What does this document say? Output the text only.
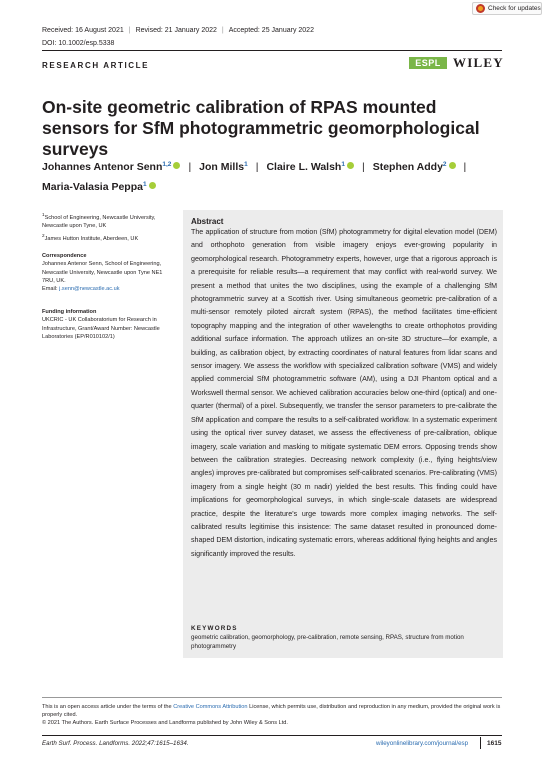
Received: 16 August 2021 | Revised: 21 January 2022 | Accepted: 25 January 2022
DOI: 10.1002/esp.5338
Check for updates
RESEARCH ARTICLE	ESPL WILEY
On-site geometric calibration of RPAS mounted sensors for SfM photogrammetric geomorphological surveys
Johannes Antenor Senn$^{1,2}$ | Jon Mills$^1$ | Claire L. Walsh$^1$ | Stephen Addy$^2$ |
Maria-Valasia Peppa$^1$
$^1$School of Engineering, Newcastle University, Newcastle upon Tyne, UK
$^2$James Hutton Institute, Aberdeen, UK
Correspondence
Johannes Antenor Senn, School of Engineering, Newcastle University, Newcastle upon Tyne NE1 7RU, UK.
Email: j.senn@newcastle.ac.uk
Funding information
UKCRIC - UK Collaboratorium for Research in Infrastructure, Grant/Award Number: Newcastle Laboratories (EP/R010102/1)
Abstract
The application of structure from motion (SfM) photogrammetry for digital elevation model (DEM) and orthophoto generation from visible imagery enjoys ever-growing popularity in geomorphological research. Photogrammetry experts, however, urge that a rigorous approach is a prerequisite for reliable results—a requirement that may conflict with real-world survey. We present a method that unites the two disciplines, using the example of a challenging SfM photogrammetric survey at a Scottish river. Using simultaneous geometric pre-calibration of a multi-sensor remotely piloted aircraft system (RPAS), the method facilitates time-efficient topography mapping and the integration of other wavelengths to create orthophotos providing additional surface information. The approach utilizes an on-site 3D structure—for example, a building, as calibration object, by extracting coordinates of natural features from lidar scans and sensor imagery. We assess the workflow with specialized calibration software (VMS) and widely applied commercial SfM photogrammetric software (AM), using a DJI Phantom optical and a Workswell thermal sensor. We achieved calibration accuracies below one-third (optical) and one-quarter (thermal) of a pixel. Subsequently, we transfer the sensor parameters to pre-calibrate the SfM application and compare the results to a self-calibrated workflow. In a systematic experiment using the optical river survey dataset, we assess the effectiveness of pre-calibration, oblique imagery, scale variation and masking to mitigate systematic DEM errors. Opposing trends show between the calibration strategies. Decreasing network complexity (i.e., flying heights/view angles) improves pre-calibrated but compromises self-calibrated scenarios. Pre-calibrating (VMS) imagery from a single height (30 m nadir) yielded the best results. This finding could have implications for geomorphological surveys, in which single-scale datasets are widespread practice, despite the literature's urge towards more complex imaging networks. The self-calibrated results legitimise this insistence: The same dataset resulted in pronounced dome-shaped DEM distortion, indicating systematic errors, whereas additional flying heights and angles significantly improved the results.
KEYWORDS
geometric calibration, geomorphology, pre-calibration, remote sensing, RPAS, structure from motion photogrammetry
This is an open access article under the terms of the Creative Commons Attribution License, which permits use, distribution and reproduction in any medium, provided the original work is properly cited.
© 2021 The Authors. Earth Surface Processes and Landforms published by John Wiley & Sons Ltd.
Earth Surf. Process. Landforms. 2022;47:1615–1634.	wileyonlinelibrary.com/journal/esp	1615
